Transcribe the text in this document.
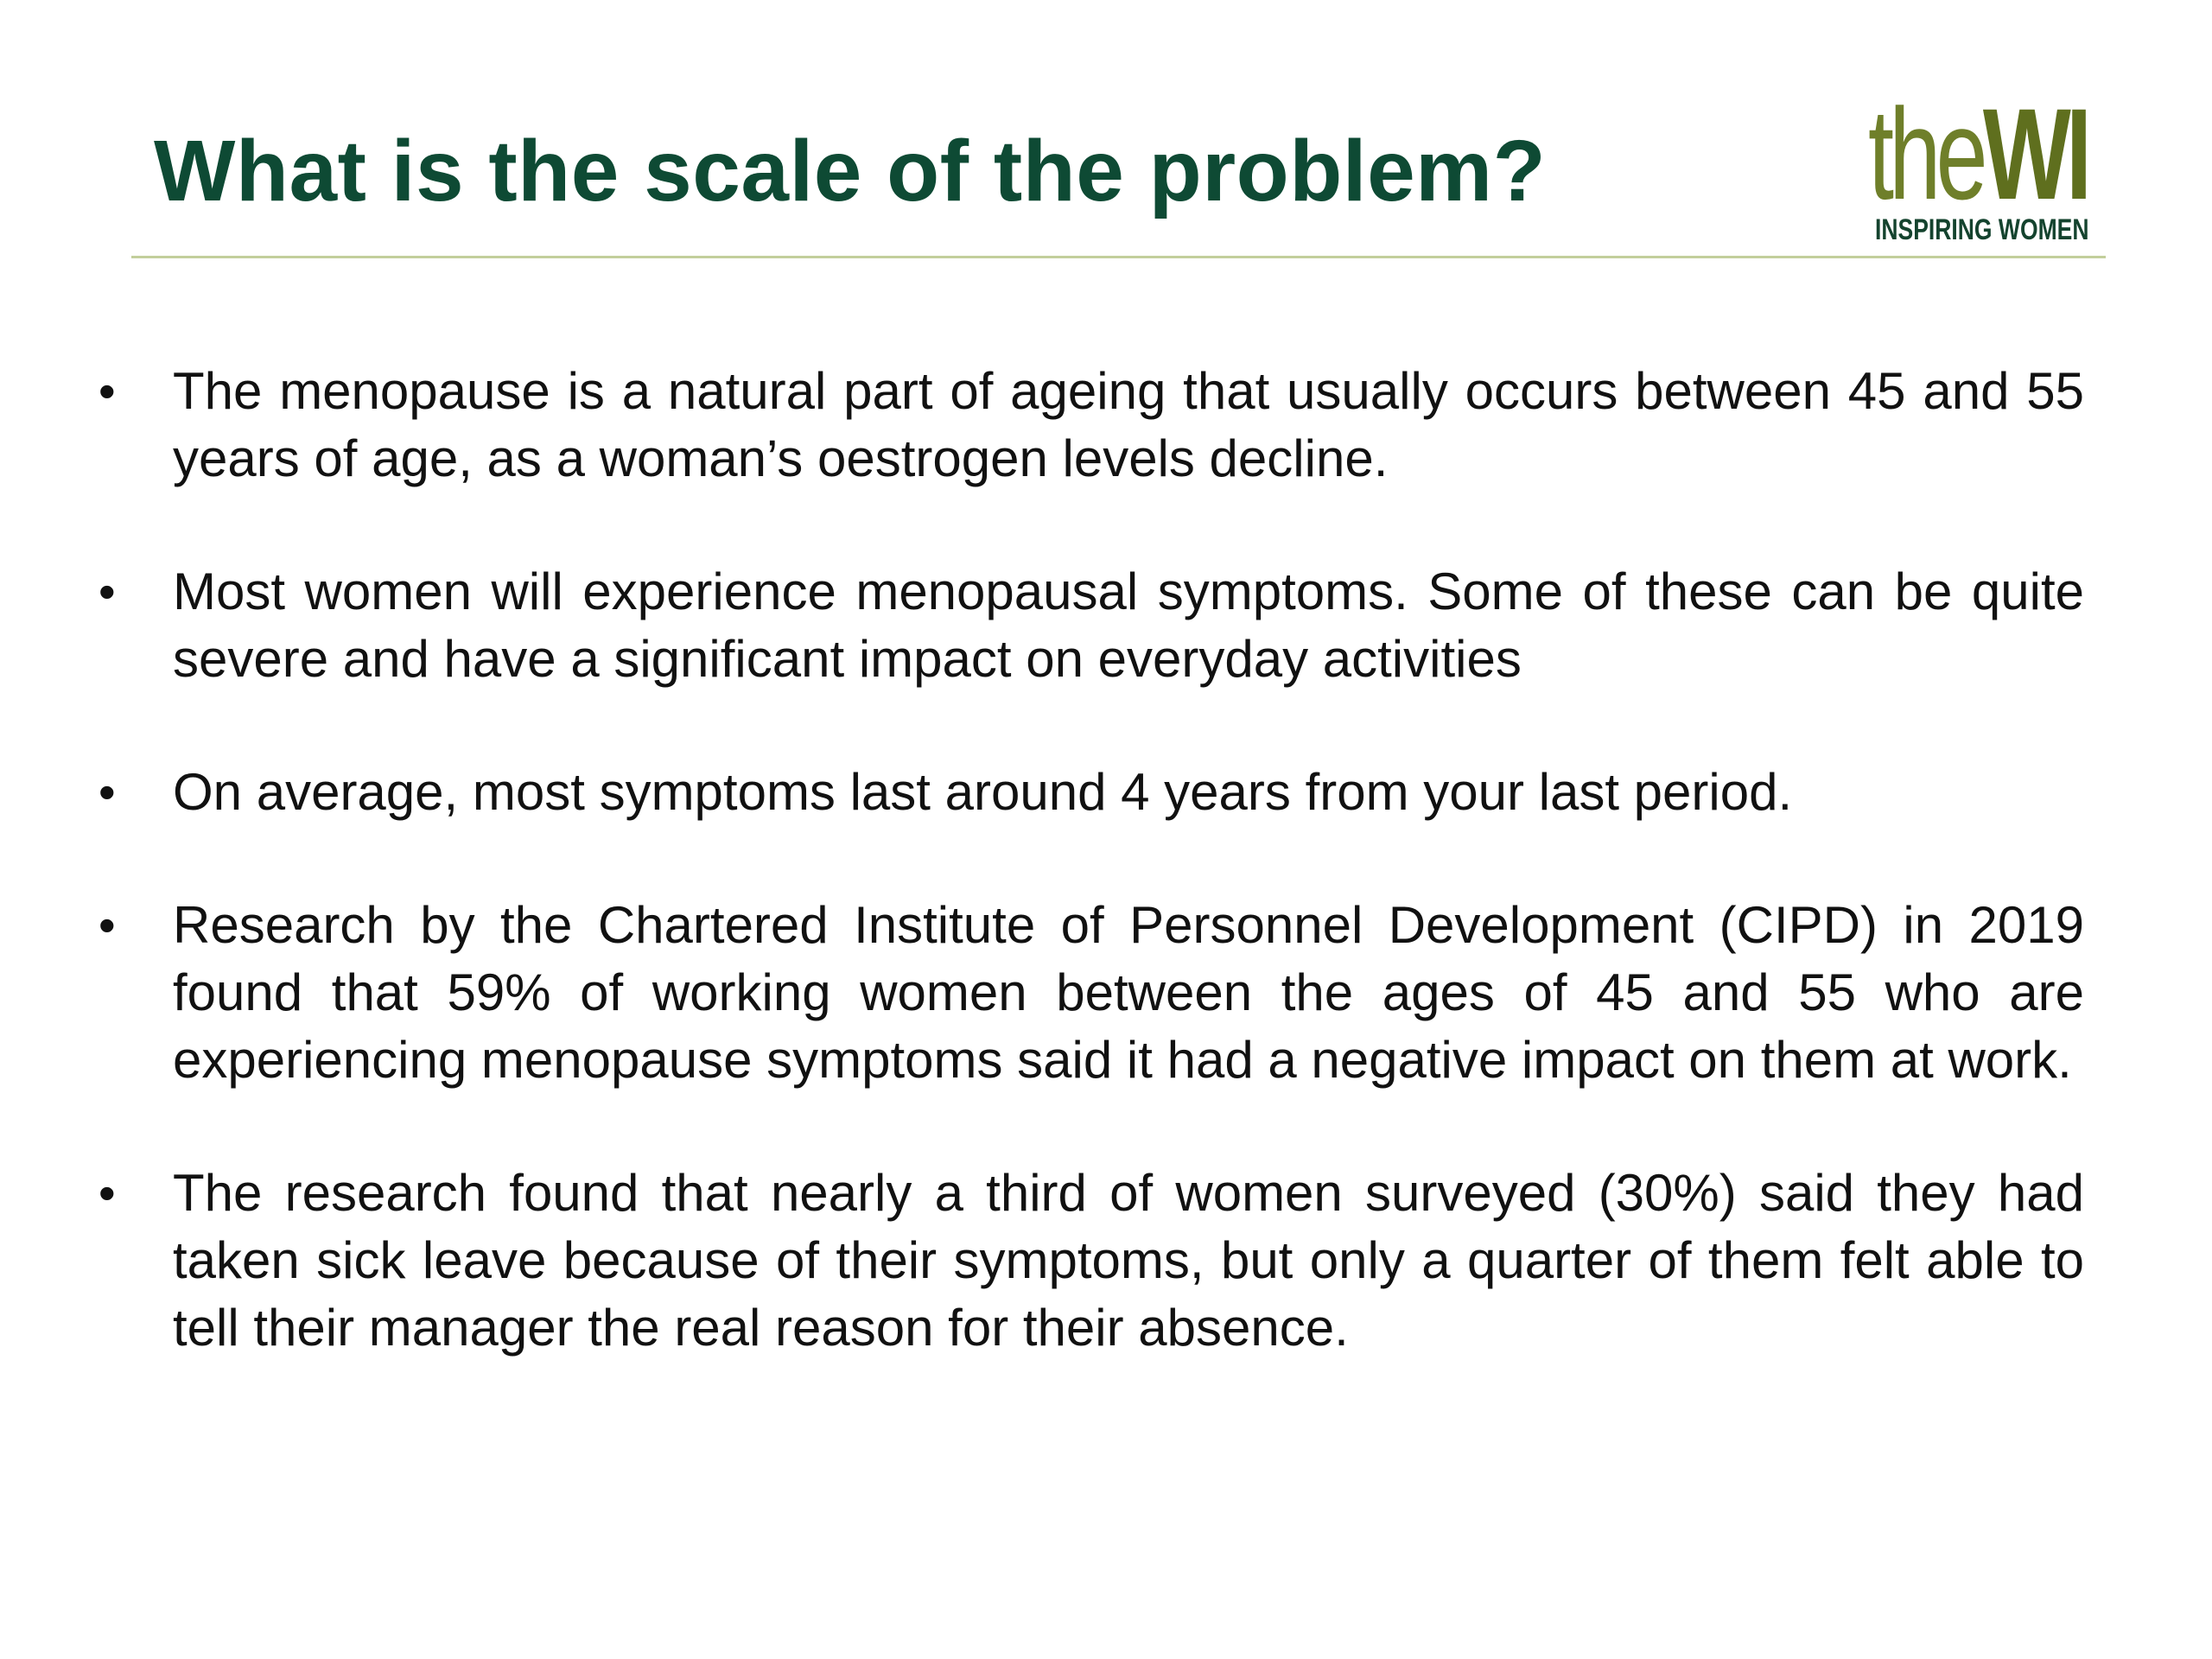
What is the scale of the problem? theWI
INSPIRING WOMEN
• The menopause is a natural part of ageing that usually occurs between 45 and 55 years of age, as a woman’s oestrogen levels decline.
• Most women will experience menopausal symptoms. Some of these can be quite severe and have a significant impact on everyday activities
• On average, most symptoms last around 4 years from your last period.
• Research by the Chartered Institute of Personnel Development (CIPD) in 2019 found that 59% of working women between the ages of 45 and 55 who are experiencing menopause symptoms said it had a negative impact on them at work.
• The research found that nearly a third of women surveyed (30%) said they had taken sick leave because of their symptoms, but only a quarter of them felt able to tell their manager the real reason for their absence.
